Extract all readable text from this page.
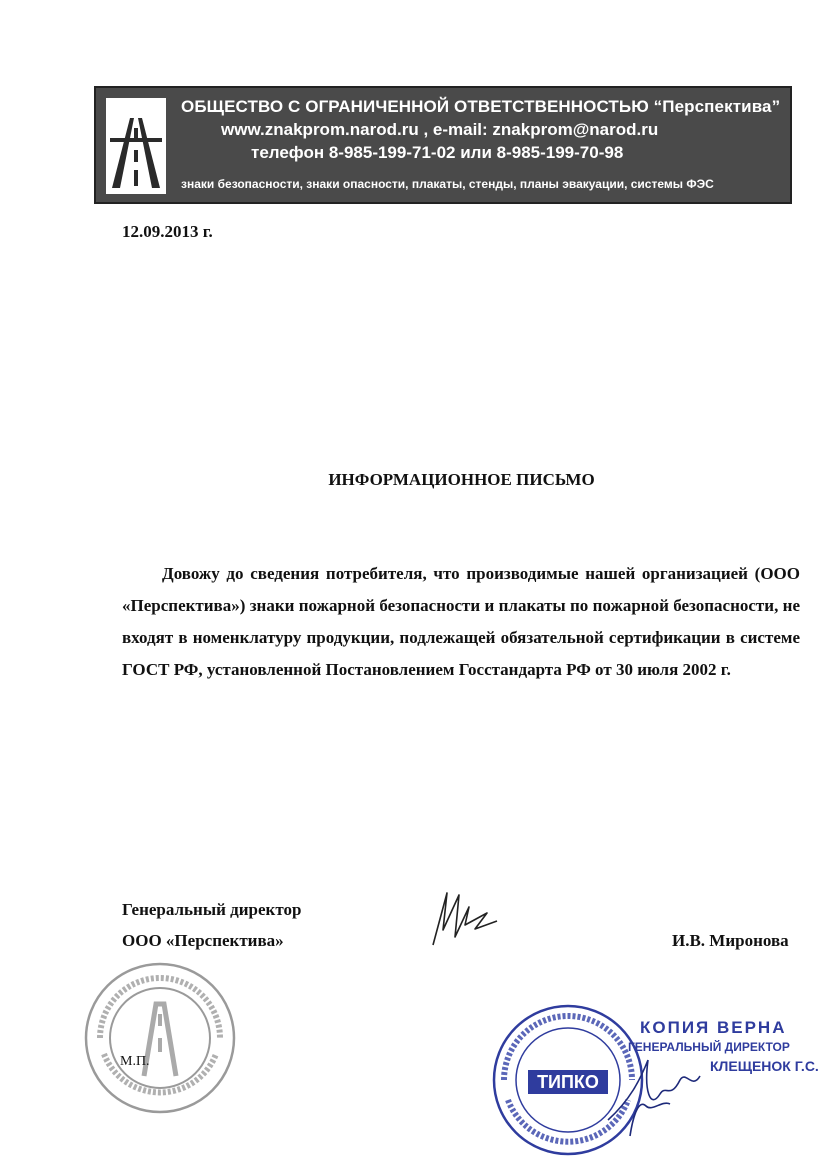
ОБЩЕСТВО С ОГРАНИЧЕННОЙ ОТВЕТСТВЕННОСТЬЮ “Перспектива”
www.znakprom.narod.ru , e-mail: znakprom@narod.ru
телефон 8-985-199-71-02 или 8-985-199-70-98
знаки безопасности, знаки опасности, плакаты, стенды, планы эвакуации, системы ФЭС
12.09.2013 г.
ИНФОРМАЦИОННОЕ ПИСЬМО
Довожу до сведения потребителя, что производимые нашей организацией (ООО «Перспектива») знаки пожарной безопасности и плакаты по пожарной безопасности, не входят в номенклатуру продукции, подлежащей обязательной сертификации в системе ГОСТ РФ, установленной Постановлением Госстандарта РФ от 30 июля 2002 г.
Генеральный директор
ООО «Перспектива»	И.В. Миронова
М.П.
ТИПКО
КОПИЯ ВЕРНА
ГЕНЕРАЛЬНЫЙ ДИРЕКТОР
КЛЕЩЕНОК Г.С.
